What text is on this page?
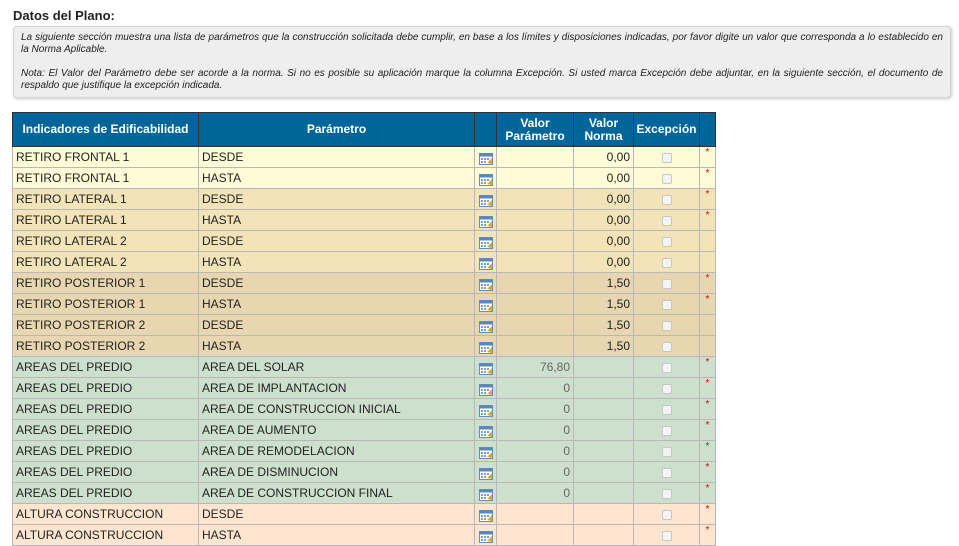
Datos del Plano:

La siguiente sección muestra una lista de parámetros que la construcción solicitada debe cumplir, en base a los límites y disposiciones indicadas, por favor digite un valor que corresponda a lo establecido en la Norma Aplicable.

Nota: El Valor del Parámetro debe ser acorde a la norma. Si no es posible su aplicación marque la columna Excepción. Si usted marca Excepción debe adjuntar, en la siguiente sección, el documento de respaldo que justifique la excepción indicada.

Indicadores de Edificabilidad	Parámetro		Valor Parámetro	Valor Norma	Excepción	
RETIRO FRONTAL 1	DESDE			0,00		*
RETIRO FRONTAL 1	HASTA			0,00		*
RETIRO LATERAL 1	DESDE			0,00		*
RETIRO LATERAL 1	HASTA			0,00		*
RETIRO LATERAL 2	DESDE			0,00		
RETIRO LATERAL 2	HASTA			0,00		
RETIRO POSTERIOR 1	DESDE			1,50		*
RETIRO POSTERIOR 1	HASTA			1,50		*
RETIRO POSTERIOR 2	DESDE			1,50		
RETIRO POSTERIOR 2	HASTA			1,50		
AREAS DEL PREDIO	AREA DEL SOLAR		76,80			*
AREAS DEL PREDIO	AREA DE IMPLANTACION		0			*
AREAS DEL PREDIO	AREA DE CONSTRUCCION INICIAL		0			*
AREAS DEL PREDIO	AREA DE AUMENTO		0			*
AREAS DEL PREDIO	AREA DE REMODELACION		0			*
AREAS DEL PREDIO	AREA DE DISMINUCION		0			*
AREAS DEL PREDIO	AREA DE CONSTRUCCION FINAL		0			*
ALTURA CONSTRUCCION	DESDE					*
ALTURA CONSTRUCCION	HASTA					*
